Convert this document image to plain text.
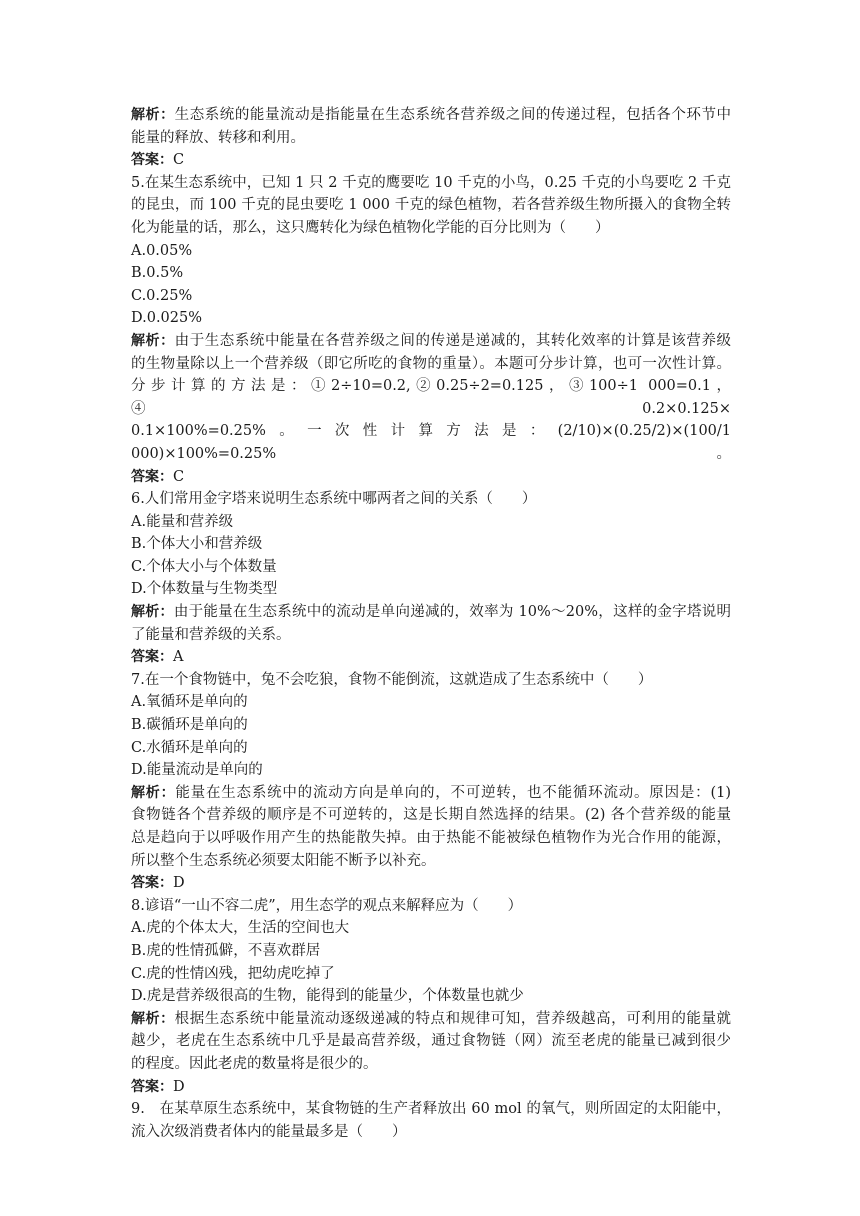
解析：生态系统的能量流动是指能量在生态系统各营养级之间的传递过程，包括各个环节中
能量的释放、转移和利用。
答案：C
5.在某生态系统中，已知 1 只 2 千克的鹰要吃 10 千克的小鸟，0.25 千克的小鸟要吃 2 千克
的昆虫，而 100 千克的昆虫要吃 1 000 千克的绿色植物，若各营养级生物所摄入的食物全转
化为能量的话，那么，这只鹰转化为绿色植物化学能的百分比则为（　　）
A.0.05%
B.0.5%
C.0.25%
D.0.025%
解析：由于生态系统中能量在各营养级之间的传递是递减的，其转化效率的计算是该营养级
的生物量除以上一个营养级（即它所吃的食物的重量）。本题可分步计算，也可一次性计算。
分步计算的方法是：①2÷10=0.2,②0.25÷2=0.125，③100÷1 000=0.1，④0.2×0.125×
0.1×100%=0.25%。一次性计算方法是：(2/10)×(0.25/2)×(100/1 000)×100%=0.25%。
答案：C
6.人们常用金字塔来说明生态系统中哪两者之间的关系（　　）
A.能量和营养级
B.个体大小和营养级
C.个体大小与个体数量
D.个体数量与生物类型
解析：由于能量在生态系统中的流动是单向递减的，效率为 10%～20%，这样的金字塔说明
了能量和营养级的关系。
答案：A
7.在一个食物链中，兔不会吃狼，食物不能倒流，这就造成了生态系统中（　　）
A.氧循环是单向的
B.碳循环是单向的
C.水循环是单向的
D.能量流动是单向的
解析：能量在生态系统中的流动方向是单向的，不可逆转，也不能循环流动。原因是：(1)
食物链各个营养级的顺序是不可逆转的，这是长期自然选择的结果。(2) 各个营养级的能量
总是趋向于以呼吸作用产生的热能散失掉。由于热能不能被绿色植物作为光合作用的能源，
所以整个生态系统必须要太阳能不断予以补充。
答案：D
8.谚语“一山不容二虎”，用生态学的观点来解释应为（　　）
A.虎的个体太大，生活的空间也大
B.虎的性情孤僻，不喜欢群居
C.虎的性情凶残，把幼虎吃掉了
D.虎是营养级很高的生物，能得到的能量少，个体数量也就少
解析：根据生态系统中能量流动逐级递减的特点和规律可知，营养级越高，可利用的能量就
越少，老虎在生态系统中几乎是最高营养级，通过食物链（网）流至老虎的能量已减到很少
的程度。因此老虎的数量将是很少的。
答案：D
9.　在某草原生态系统中，某食物链的生产者释放出 60 mol 的氧气，则所固定的太阳能中，
流入次级消费者体内的能量最多是（　　）
